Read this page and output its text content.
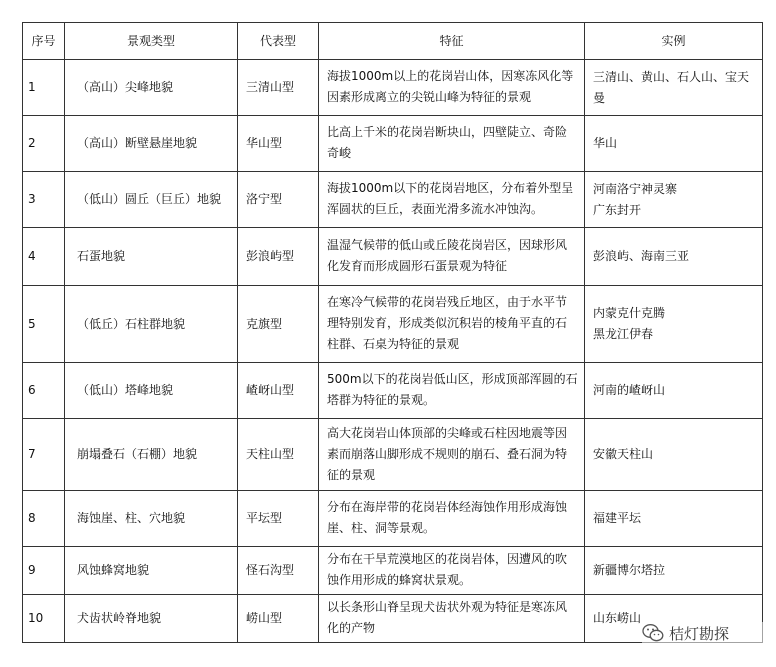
序号	景观类型	代表型	特征	实例
1	（高山）尖峰地貌	三清山型	海拔1000m以上的花岗岩山体，因寒冻风化等因素形成离立的尖锐山峰为特征的景观	三清山、黄山、石人山、宝天曼
2	（高山）断壁悬崖地貌	华山型	比高上千米的花岗岩断块山，四壁陡立、奇险奇峻	华山
3	（低山）圆丘（巨丘）地貌	洛宁型	海拔1000m以下的花岗岩地区，分布着外型呈浑圆状的巨丘，表面光滑多流水冲蚀沟。	河南洛宁神灵寨
广东封开
4	石蛋地貌	彭浪屿型	温湿气候带的低山或丘陵花岗岩区，因球形风化发育而形成圆形石蛋景观为特征	彭浪屿、海南三亚
5	（低丘）石柱群地貌	克旗型	在寒冷气候带的花岗岩残丘地区，由于水平节理特别发育，形成类似沉积岩的棱角平直的石柱群、石桌为特征的景观	内蒙克什克腾
黑龙江伊春
6	（低山）塔峰地貌	嵖岈山型	500m以下的花岗岩低山区，形成顶部浑圆的石塔群为特征的景观。	河南的嵖岈山
7	崩塌叠石（石棚）地貌	天柱山型	高大花岗岩山体顶部的尖峰或石柱因地震等因素而崩落山脚形成不规则的崩石、叠石洞为特征的景观	安徽天柱山
8	海蚀崖、柱、穴地貌	平坛型	分布在海岸带的花岗岩体经海蚀作用形成海蚀崖、柱、洞等景观。	福建平坛
9	风蚀蜂窝地貌	怪石沟型	分布在干旱荒漠地区的花岗岩体，因遭风的吹蚀作用形成的蜂窝状景观。	新疆博尔塔拉
10	犬齿状岭脊地貌	崂山型	以长条形山脊呈现犬齿状外观为特征是寒冻风化的产物	山东崂山
桔灯勘探
